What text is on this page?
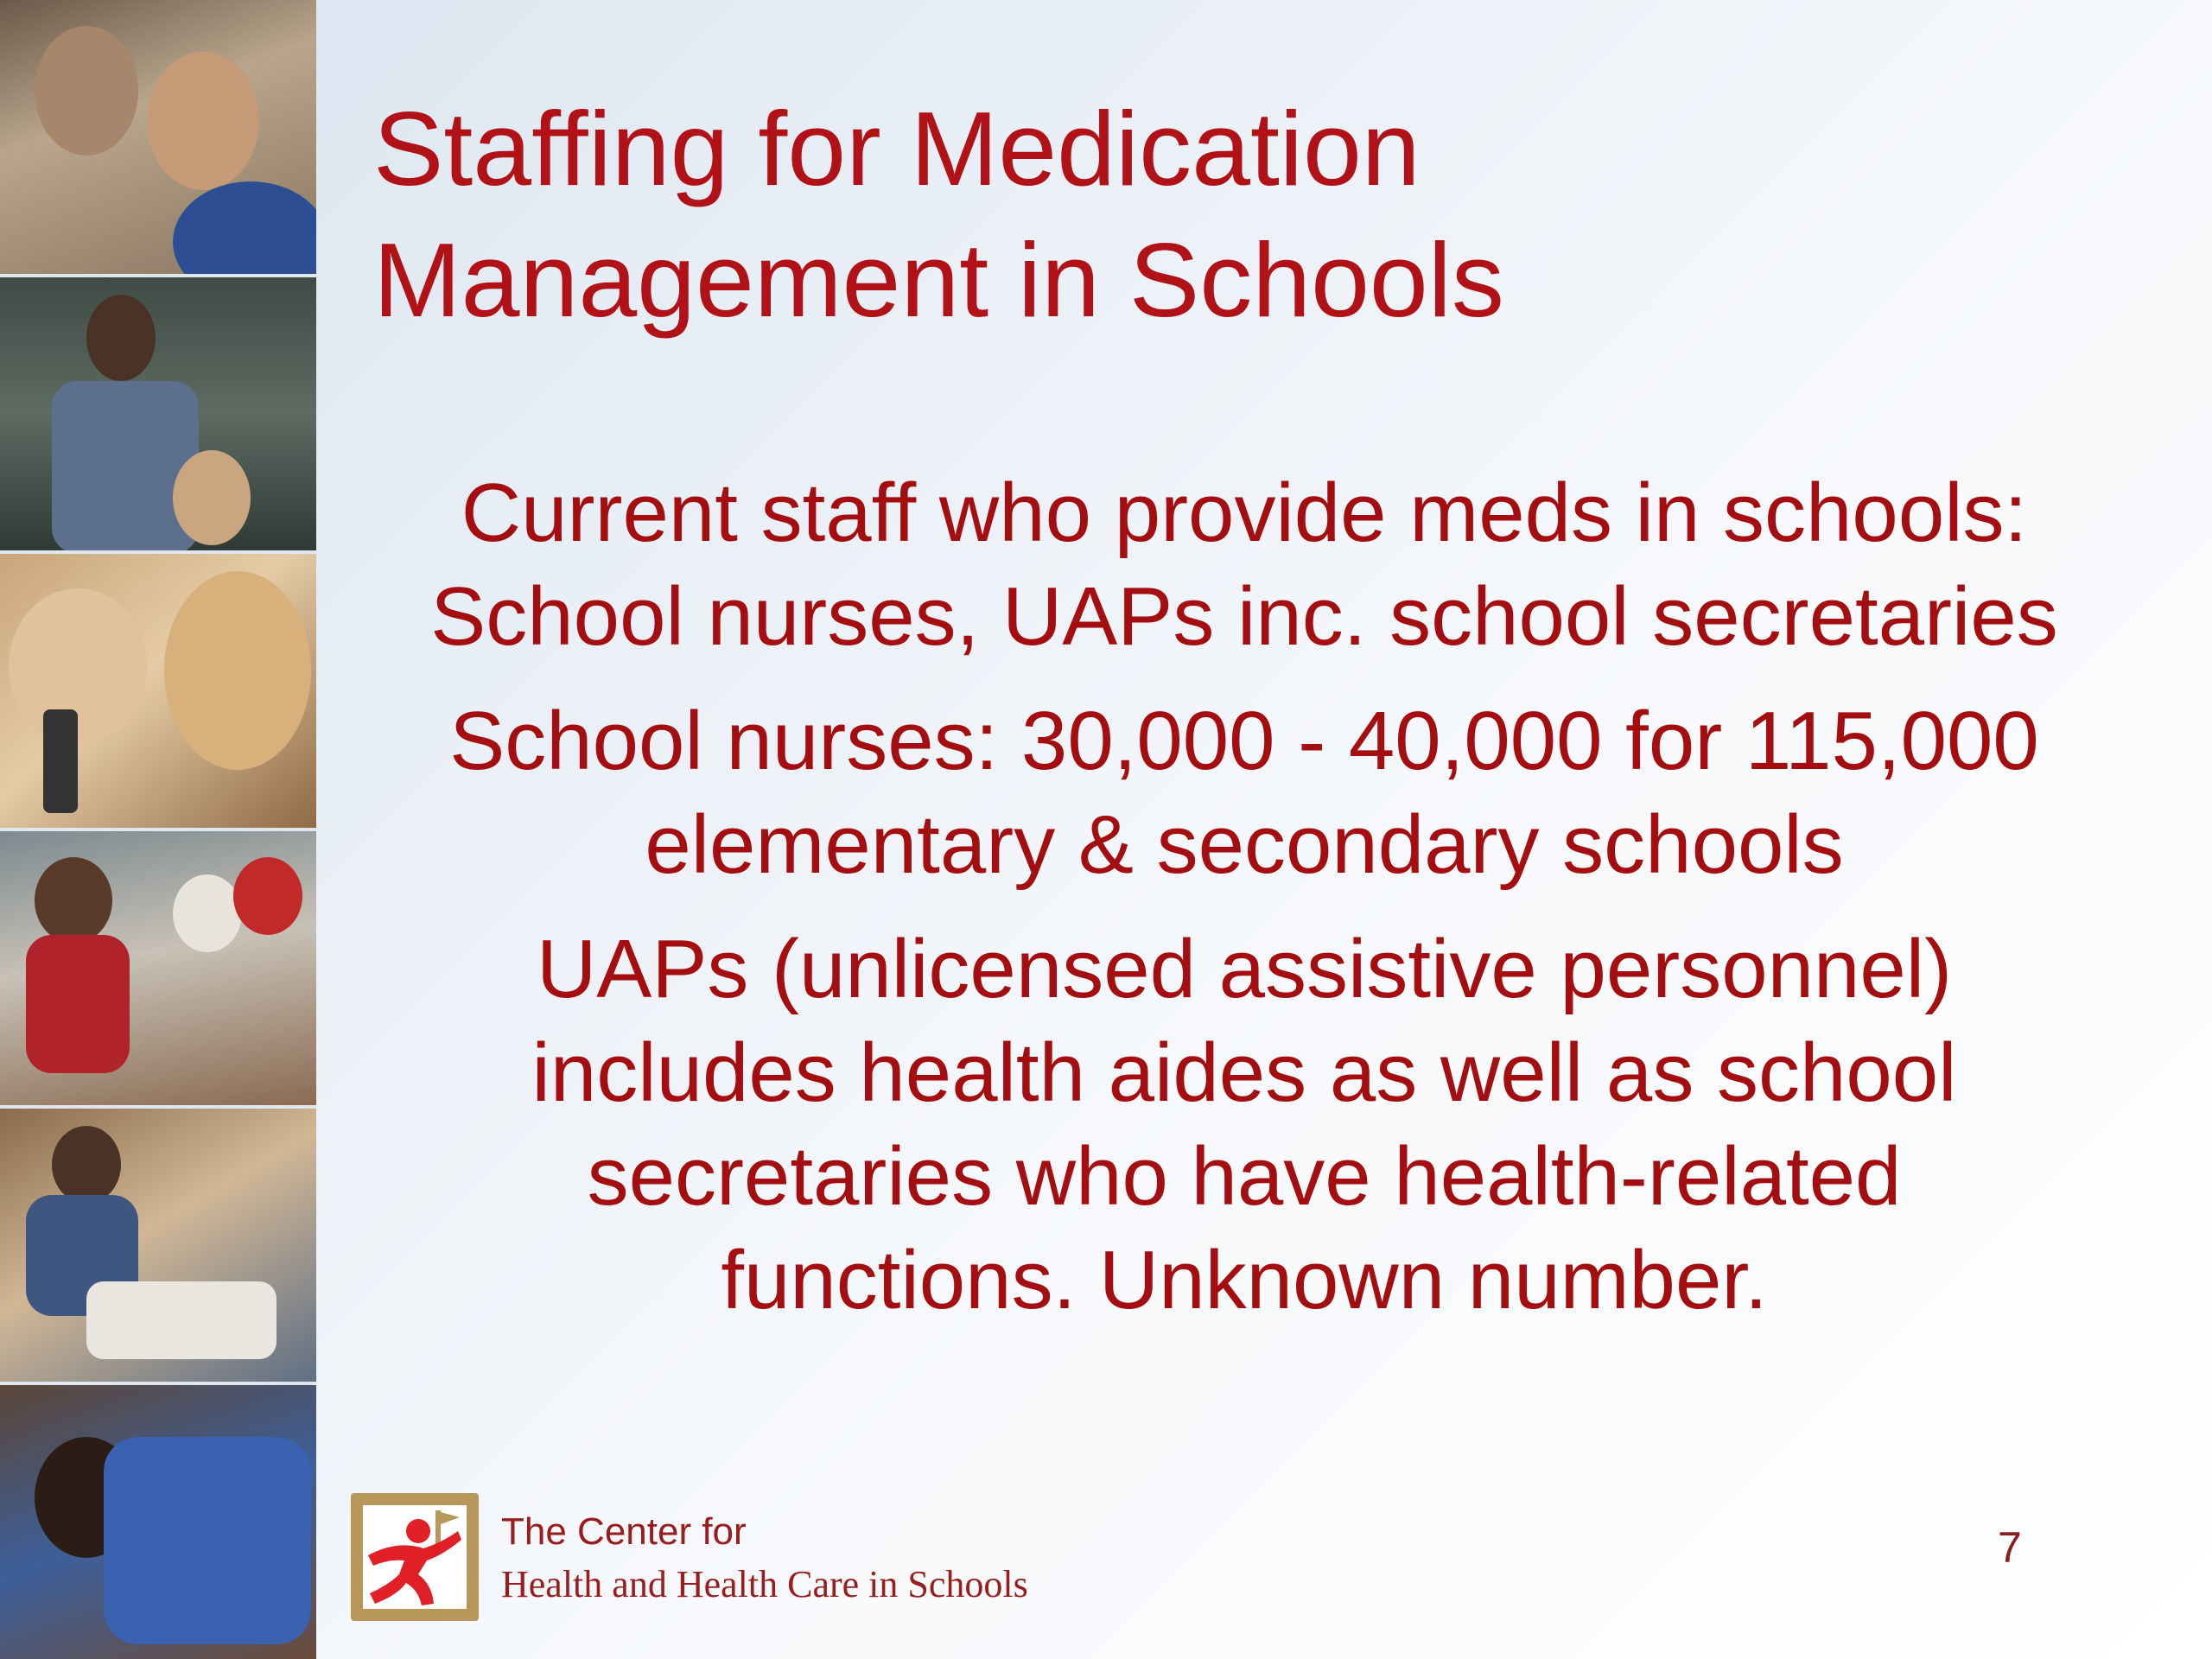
Staffing for Medication
Management in Schools

Current staff who provide meds in schools:
School nurses, UAPs inc. school secretaries

School nurses: 30,000 - 40,000 for 115,000
elementary & secondary schools

UAPs (unlicensed assistive personnel)
includes health aides as well as school
secretaries who have health-related
functions. Unknown number.

The Center for
Health and Health Care in Schools
7
